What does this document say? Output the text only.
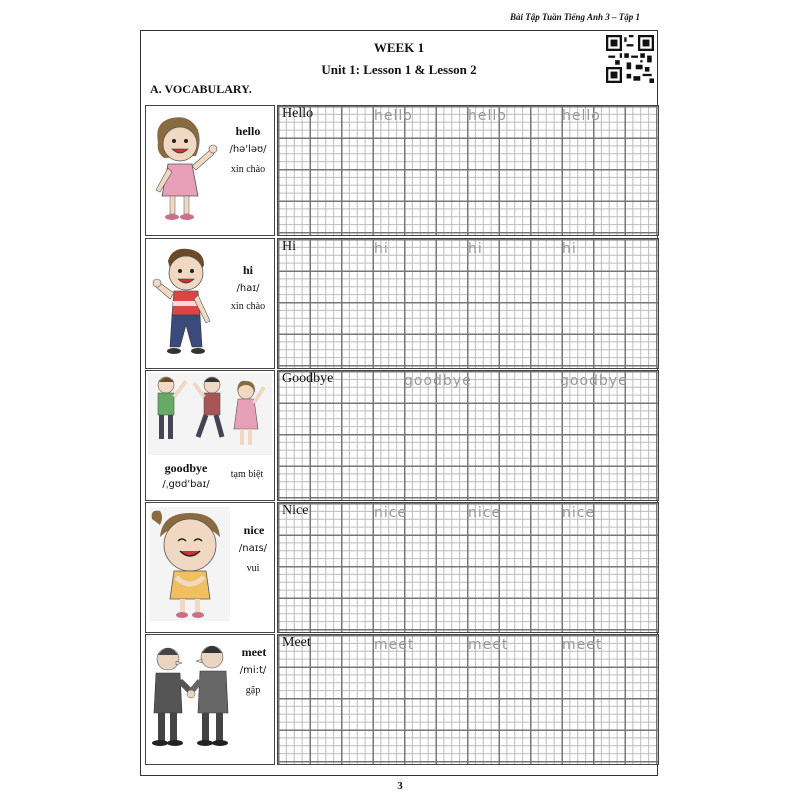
Bài Tập Tuần Tiếng Anh 3 – Tập 1
WEEK 1
Unit 1: Lesson 1 & Lesson 2
A. VOCABULARY.
hello
/hə'ləʊ/
xin chào
Hello	hello	hello	hello
hi
/haɪ/
xin chào
Hi	hi	hi	hi
goodbye
/ˌgʊd'baɪ/
tạm biệt
Goodbye	goodbye	goodbye
nice
/naɪs/
vui
Nice	nice	nice	nice
meet
/mi:t/
gặp
Meet	meet	meet	meet
3
